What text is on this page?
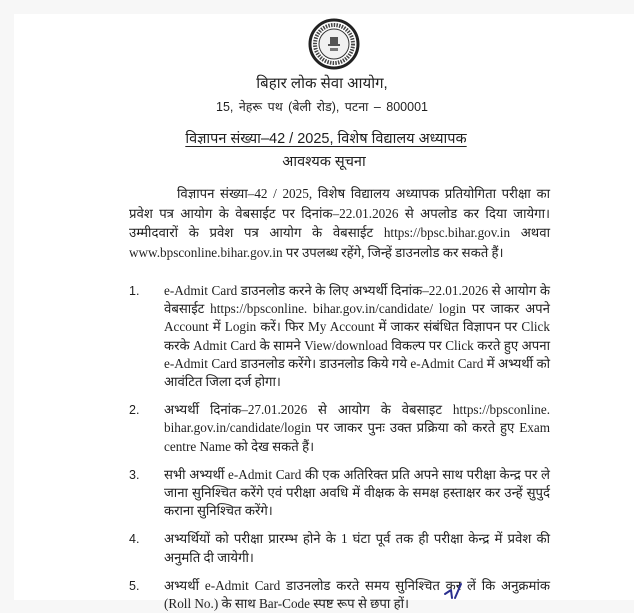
बिहार लोक सेवा आयोग,
15, नेहरू पथ (बेली रोड), पटना – 800001
विज्ञापन संख्या–42 / 2025, विशेष विद्यालय अध्यापक
आवश्यक सूचना
विज्ञापन संख्या–42 / 2025, विशेष विद्यालय अध्यापक प्रतियोगिता परीक्षा का प्रवेश पत्र आयोग के वेबसाईट पर दिनांक–22.01.2026 से अपलोड कर दिया जायेगा। उम्मीदवारों के प्रवेश पत्र आयोग के वेबसाईट https://bpsc.bihar.gov.in अथवा www.bpsconline.bihar.gov.in पर उपलब्ध रहेंगे, जिन्हें डाउनलोड कर सकते हैं।
1. e-Admit Card डाउनलोड करने के लिए अभ्यर्थी दिनांक–22.01.2026 से आयोग के वेबसाईट https://bpsconline. bihar.gov.in/candidate/ login पर जाकर अपने Account में Login करें। फिर My Account में जाकर संबंधित विज्ञापन पर Click करके Admit Card के सामने View/download विकल्प पर Click करते हुए अपना e-Admit Card डाउनलोड करेंगे। डाउनलोड किये गये e-Admit Card में अभ्यर्थी को आवंटित जिला दर्ज होगा।
2. अभ्यर्थी दिनांक–27.01.2026 से आयोग के वेबसाइट https://bpsconline. bihar.gov.in/candidate/login पर जाकर पुनः उक्त प्रक्रिया को करते हुए Exam centre Name को देख सकते हैं।
3. सभी अभ्यर्थी e-Admit Card की एक अतिरिक्त प्रति अपने साथ परीक्षा केन्द्र पर ले जाना सुनिश्चित करेंगे एवं परीक्षा अवधि में वीक्षक के समक्ष हस्ताक्षर कर उन्हें सुपुर्द कराना सुनिश्चित करेंगे।
4. अभ्यर्थियों को परीक्षा प्रारम्भ होने के 1 घंटा पूर्व तक ही परीक्षा केन्द्र में प्रवेश की अनुमति दी जायेगी।
5. अभ्यर्थी e-Admit Card डाउनलोड करते समय सुनिश्चित कर लें कि अनुक्रमांक (Roll No.) के साथ Bar-Code स्पष्ट रूप से छपा हों।
